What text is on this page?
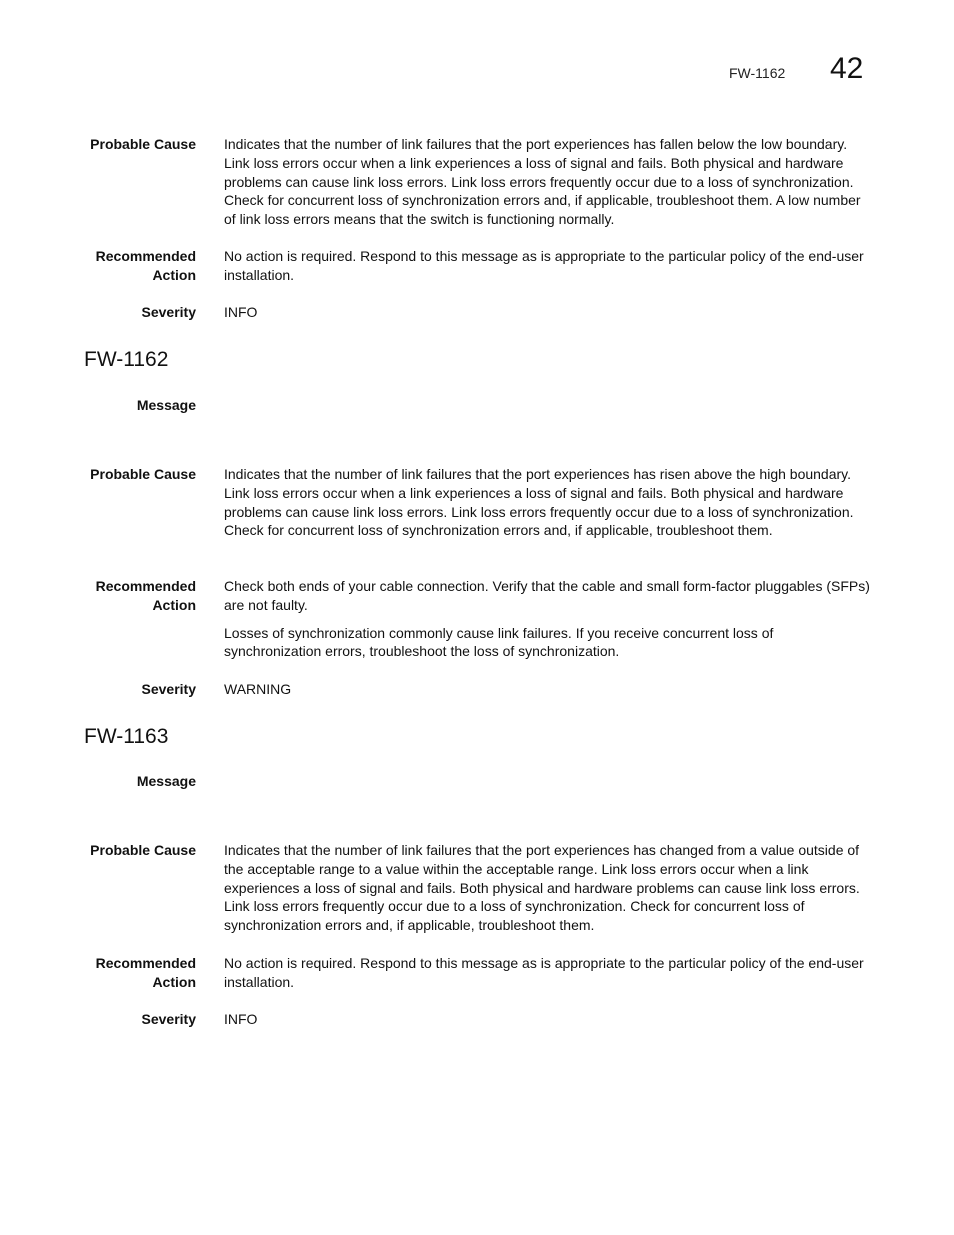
FW-1162 42
Probable Cause Indicates that the number of link failures that the port experiences has fallen below the low boundary. Link loss errors occur when a link experiences a loss of signal and fails. Both physical and hardware problems can cause link loss errors. Link loss errors frequently occur due to a loss of synchronization. Check for concurrent loss of synchronization errors and, if applicable, troubleshoot them. A low number of link loss errors means that the switch is functioning normally.

Recommended
Action

No action is required. Respond to this message as is appropriate to the particular policy of the end-user installation.

Severity INFO

FW-1162
Message
Probable Cause Indicates that the number of link failures that the port experiences has risen above the high boundary. Link loss errors occur when a link experiences a loss of signal and fails. Both physical and hardware problems can cause link loss errors. Link loss errors frequently occur due to a loss of synchronization. Check for concurrent loss of synchronization errors and, if applicable, troubleshoot them.

Recommended
Action

Check both ends of your cable connection. Verify that the cable and small form-factor pluggables (SFPs) are not faulty.

Losses of synchronization commonly cause link failures. If you receive concurrent loss of synchronization errors, troubleshoot the loss of synchronization.

Severity WARNING

FW-1163
Message
Probable Cause Indicates that the number of link failures that the port experiences has changed from a value outside of the acceptable range to a value within the acceptable range. Link loss errors occur when a link experiences a loss of signal and fails. Both physical and hardware problems can cause link loss errors. Link loss errors frequently occur due to a loss of synchronization. Check for concurrent loss of synchronization errors and, if applicable, troubleshoot them.

Recommended
Action

No action is required. Respond to this message as is appropriate to the particular policy of the end-user installation.

Severity INFO
